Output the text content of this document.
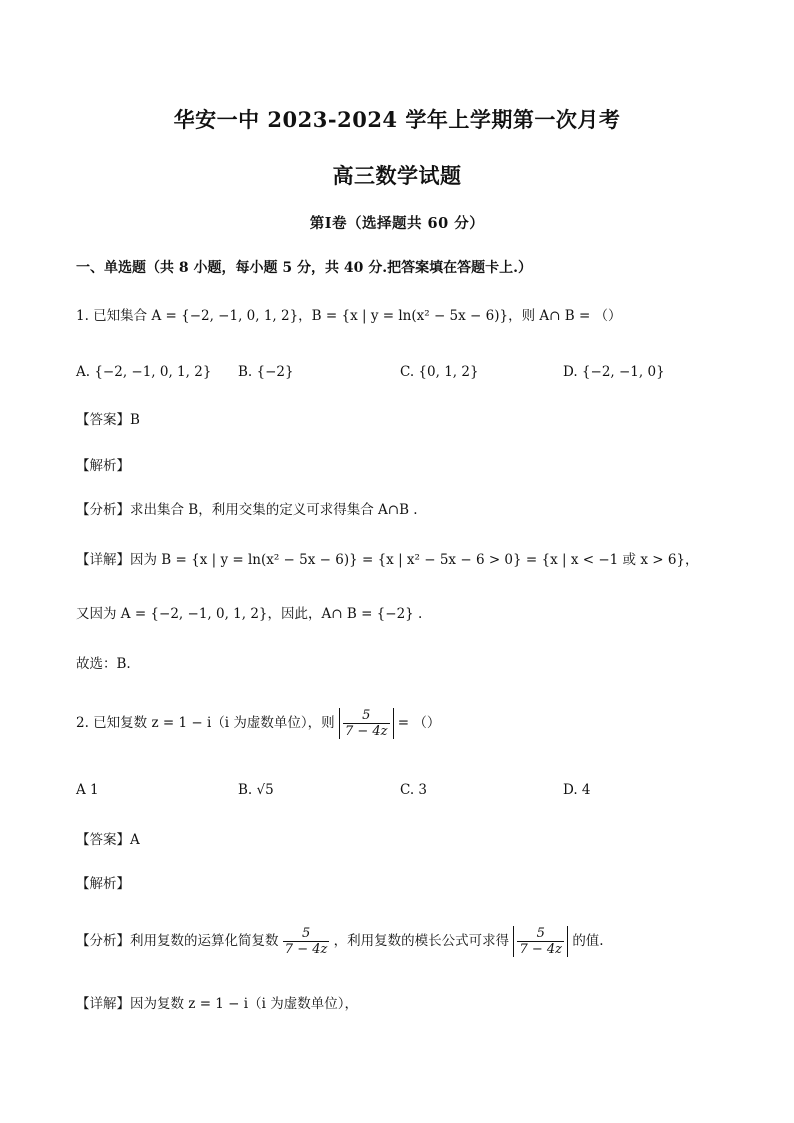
华安一中 2023-2024 学年上学期第一次月考
高三数学试题
第Ⅰ卷（选择题共 60 分）
一、单选题（共 8 小题，每小题 5 分，共 40 分.把答案填在答题卡上.）
1. 已知集合 A = {−2, −1, 0, 1, 2}，B = {x | y = ln(x² − 5x − 6)}，则 A∩ B = （）
A. {−2, −1, 0, 1, 2} B. {−2}	C. {0, 1, 2}	D. {−2, −1, 0}
【答案】B
【解析】
【分析】求出集合 B，利用交集的定义可求得集合 A∩B .
【详解】因为 B = {x | y = ln(x² − 5x − 6)} = {x | x² − 5x − 6 > 0} = {x | x < −1 或 x > 6}，
又因为 A = {−2, −1, 0, 1, 2}，因此，A∩ B = {−2} .
故选：B.
2. 已知复数 z = 1 − i（i 为虚数单位），则 $\frac{5}{7 - 4z}$ = （）
A 1	B. √5	C. 3	D. 4
【答案】A
【解析】
【分析】利用复数的运算化简复数 $\frac{5}{7 - 4z}$ ，利用复数的模长公式可求得 $\frac{5}{7 - 4z}$ 的值.
【详解】因为复数 z = 1 − i（i 为虚数单位），
